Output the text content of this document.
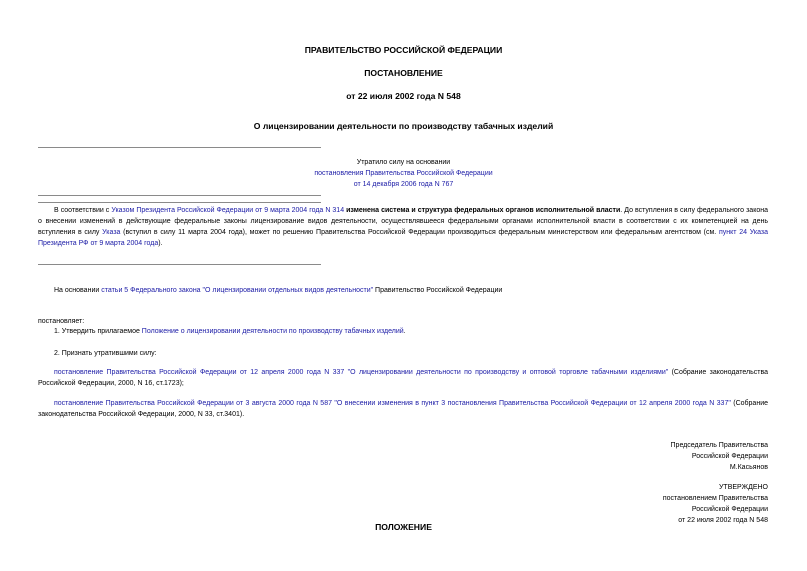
ПРАВИТЕЛЬСТВО РОССИЙСКОЙ ФЕДЕРАЦИИ
ПОСТАНОВЛЕНИЕ
от 22 июля 2002 года N 548
О лицензировании деятельности по производству табачных изделий
Утратило силу на основании
постановления Правительства Российской Федерации
от 14 декабря 2006 года N 767
В соответствии с Указом Президента Российской Федерации от 9 марта 2004 года N 314 изменена система и структура федеральных органов исполнительной власти. До вступления в силу федерального закона о внесении изменений в действующие федеральные законы лицензирование видов деятельности, осуществлявшееся федеральными органами исполнительной власти в соответствии с их компетенцией на день вступления в силу Указа (вступил в силу 11 марта 2004 года), может по решению Правительства Российской Федерации производиться федеральным министерством или федеральным агентством (см. пункт 24 Указа Президента РФ от 9 марта 2004 года).
На основании статьи 5 Федерального закона "О лицензировании отдельных видов деятельности" Правительство Российской Федерации
постановляет:
1. Утвердить прилагаемое Положение о лицензировании деятельности по производству табачных изделий.
2. Признать утратившими силу:
постановление Правительства Российской Федерации от 12 апреля 2000 года N 337 "О лицензировании деятельности по производству и оптовой торговле табачными изделиями" (Собрание законодательства Российской Федерации, 2000, N 16, ст.1723);
постановление Правительства Российской Федерации от 3 августа 2000 года N 587 "О внесении изменения в пункт 3 постановления Правительства Российской Федерации от 12 апреля 2000 года N 337" (Собрание законодательства Российской Федерации, 2000, N 33, ст.3401).
Председатель Правительства
Российской Федерации
М.Касьянов
УТВЕРЖДЕНО
постановлением Правительства
Российской Федерации
от 22 июля 2002 года N 548
ПОЛОЖЕНИЕ
